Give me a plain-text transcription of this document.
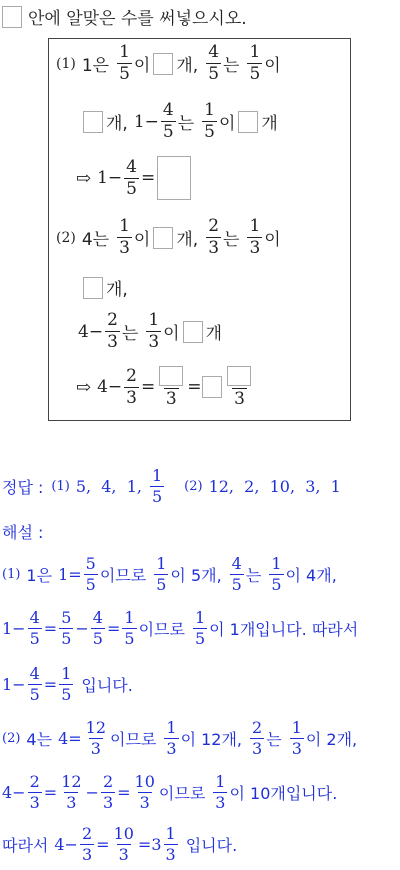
안에 알맞은 수를 써넣으시오.
(1) 1은 $\frac{1}{5}$ 이 개, $\frac{4}{5}$ 는 $\frac{1}{5}$ 이
개, $1- \frac{4}{5}$ 는 $\frac{1}{5}$ 이 개
⇨ $1- \frac{4}{5}$ =
(2) 4는 $\frac{1}{3}$ 이 개, $\frac{2}{3}$ 는 $\frac{1}{3}$ 이
개,
$4- \frac{2}{3}$ 는 $\frac{1}{3}$ 이 개
⇨ $4- \frac{2}{3}$ =
3
=
3
정답 : (1) 5,  4,  1, $\frac{1}{5} (2)$ 12,  2,  10,  3,  1
해설 :
(1) 1은 $1= \frac{5}{5}$ 이므로 $\frac{1}{5}$ 이 5개, $\frac{4}{5}$ 는 $\frac{1}{5}$ 이 4개,
$1- \frac{4}{5} = \frac{5}{5} - \frac{4}{5} = \frac{1}{5}$ 이므로 $\frac{1}{5}$ 이 1개입니다. 따라서
$1- \frac{4}{5} = \frac{1}{5}$ 입니다.
(2) 4는 $4= \frac{12}{3}$ 이므로 $\frac{1}{3}$ 이 12개, $\frac{2}{3}$ 는 $\frac{1}{3}$ 이 2개,
$4- \frac{2}{3} = \frac{12}{3} - \frac{2}{3} = \frac{10}{3}$ 이므로 $\frac{1}{3}$ 이 10개입니다.
따라서 $4- \frac{2}{3} = \frac{10}{3} =3 \frac{1}{3}$ 입니다.
